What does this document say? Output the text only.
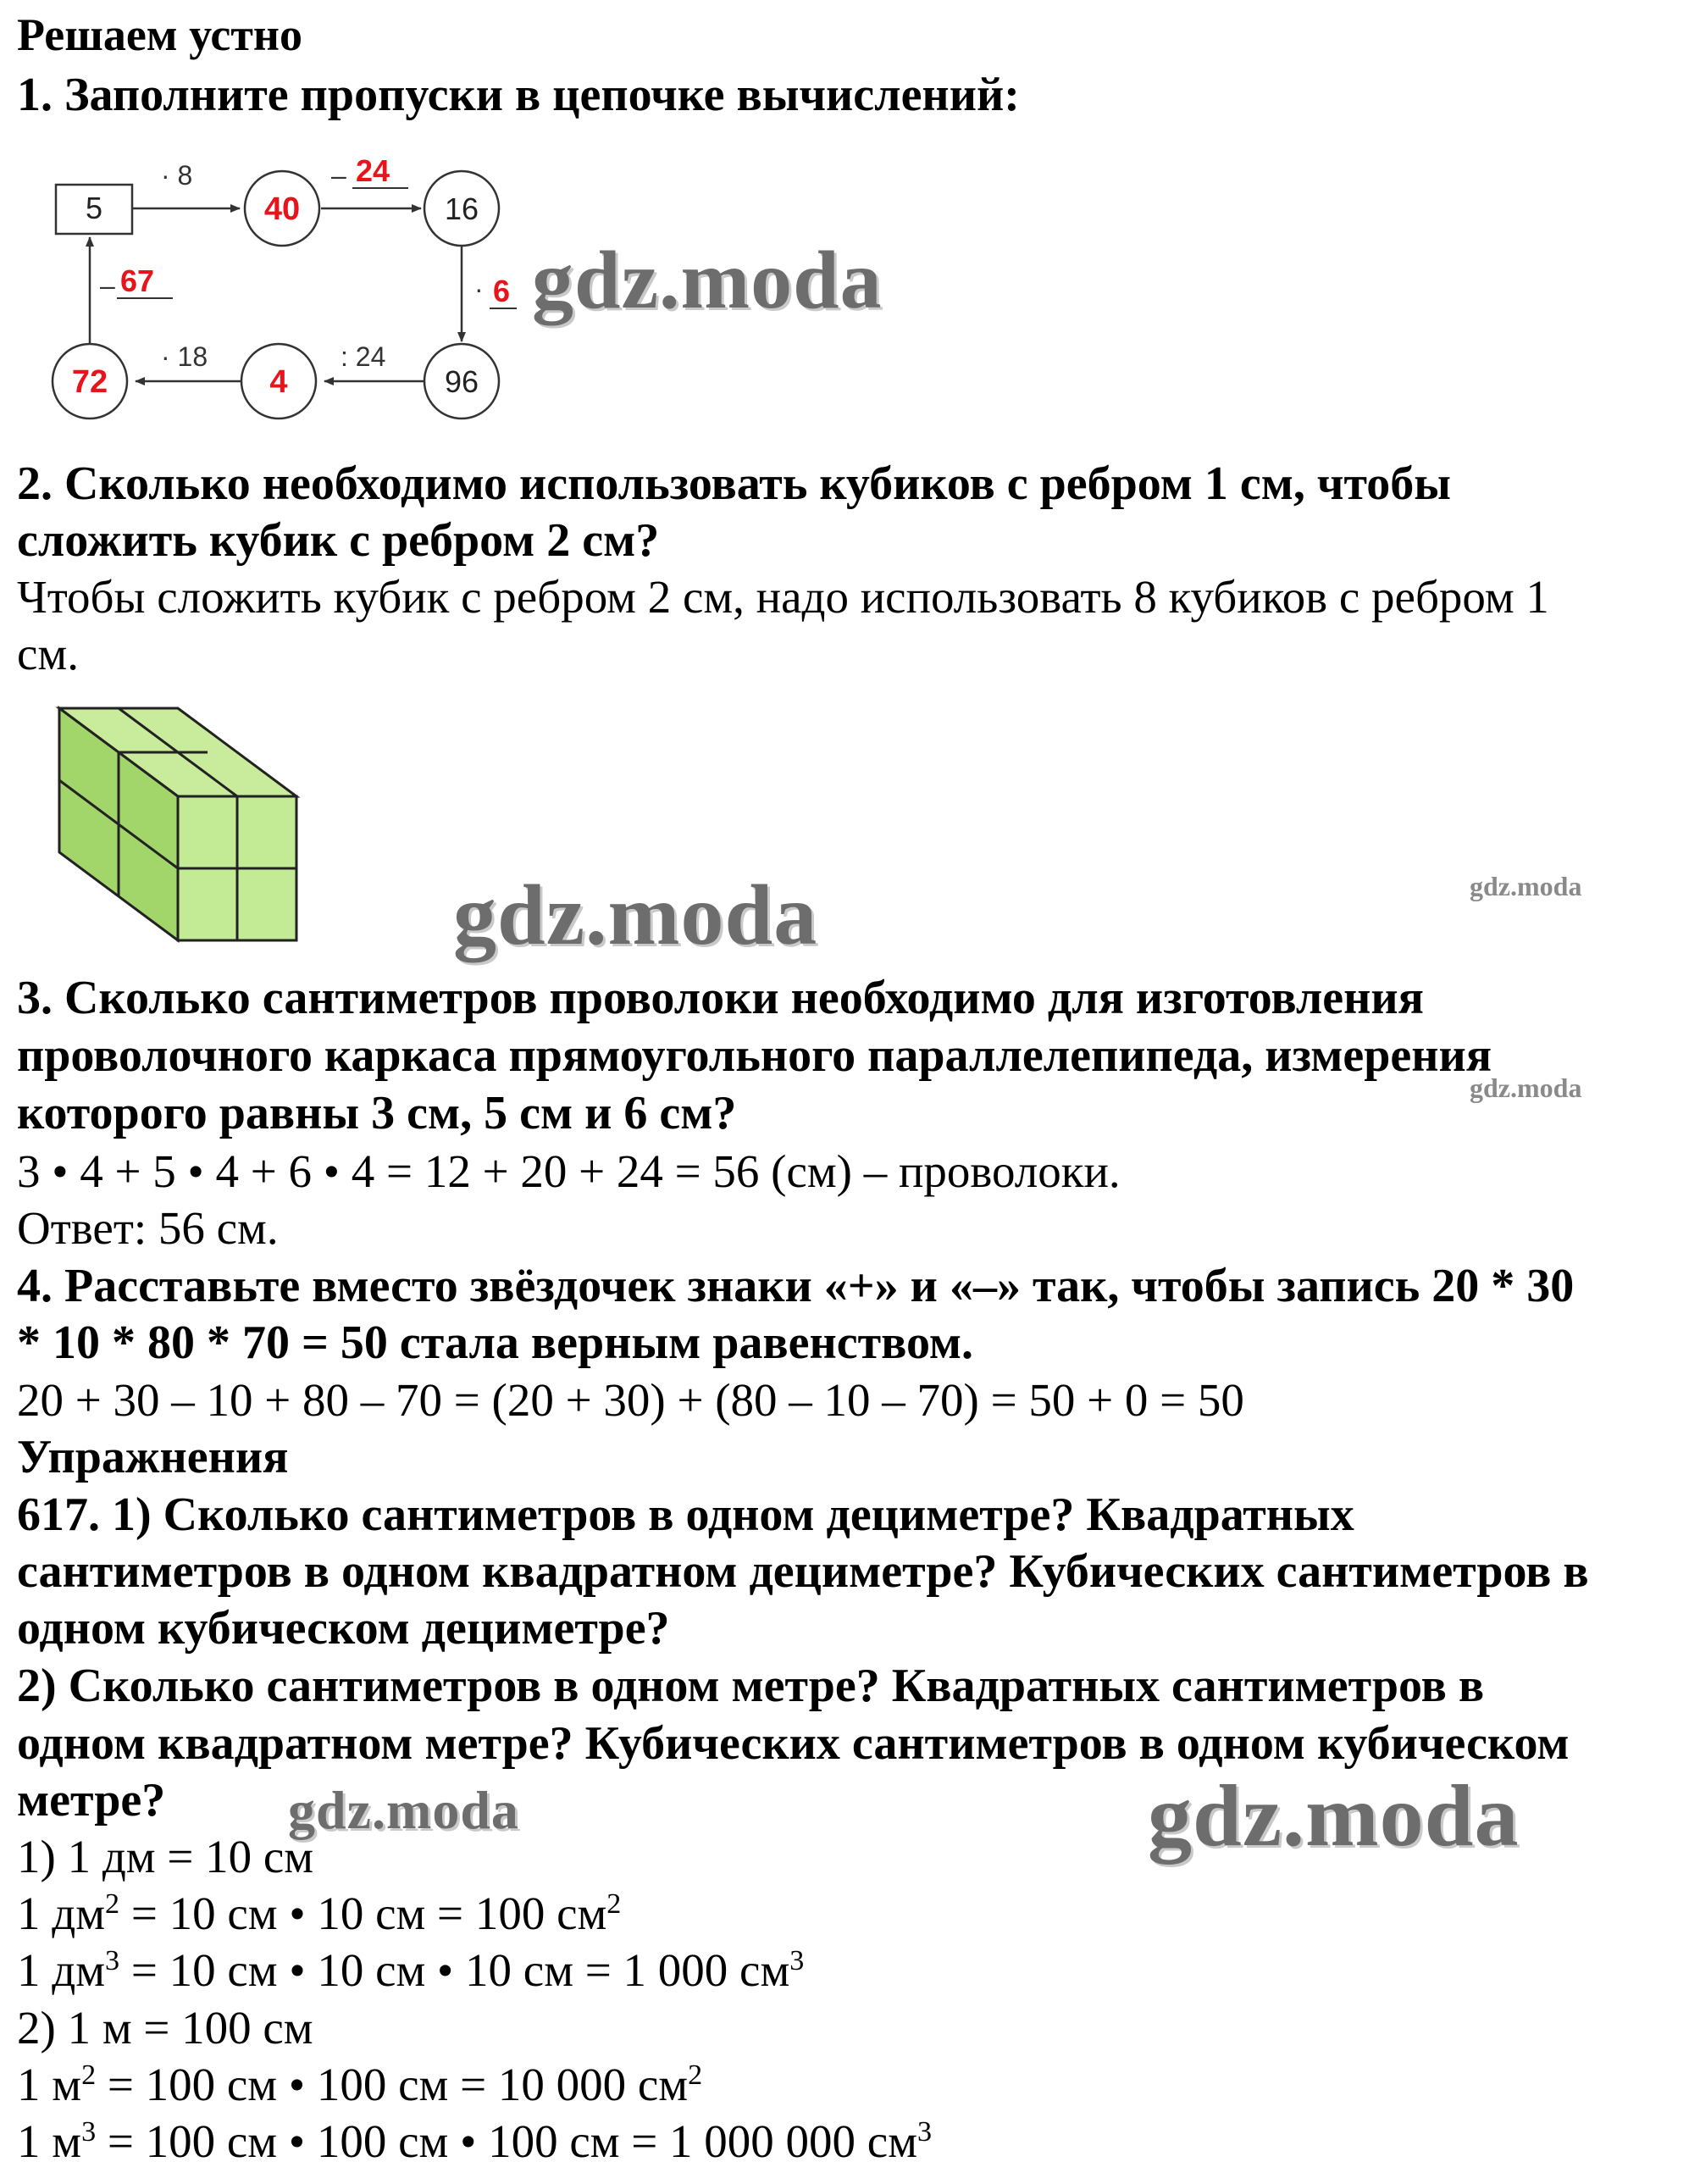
Решаем устно
1. Заполните пропуски в цепочке вычислений:
5	40	16
96
4
72
· 8	– 24
· 6
: 24
· 18
– 67
2. Сколько необходимо использовать кубиков с ребром 1 см, чтобы
сложить кубик с ребром 2 см?
Чтобы сложить кубик с ребром 2 см, надо использовать 8 кубиков с ребром 1
см.
3. Сколько сантиметров проволоки необходимо для изготовления
проволочного каркаса прямоугольного параллелепипеда, измерения
которого равны 3 см, 5 см и 6 см?
3 • 4 + 5 • 4 + 6 • 4 = 12 + 20 + 24 = 56 (см) – проволоки.
Ответ: 56 см.
4. Расставьте вместо звёздочек знаки «+» и «–» так, чтобы запись 20 * 30
* 10 * 80 * 70 = 50 стала верным равенством.
20 + 30 – 10 + 80 – 70 = (20 + 30) + (80 – 10 – 70) = 50 + 0 = 50
Упражнения
617. 1) Сколько сантиметров в одном дециметре? Квадратных
сантиметров в одном квадратном дециметре? Кубических сантиметров в
одном кубическом дециметре?
2) Сколько сантиметров в одном метре? Квадратных сантиметров в
одном квадратном метре? Кубических сантиметров в одном кубическом
метре?
1) 1 дм = 10 см
1 $дм^2 = 10$ см • 10 см = 100 $см^2$
1 $дм^3 = 10$ см • 10 см • 10 см = 1 000 $см^3$
2) 1 м = 100 см
1 $м^2 = 100$ см • 100 см = 10 000 $см^2$
1 $м^3 = 100$ см • 100 см • 100 см = 1 000 000 $см^3$
gdz.moda
gdz.moda	gdz.moda
gdz.moda
gdz.moda	gdz.moda
